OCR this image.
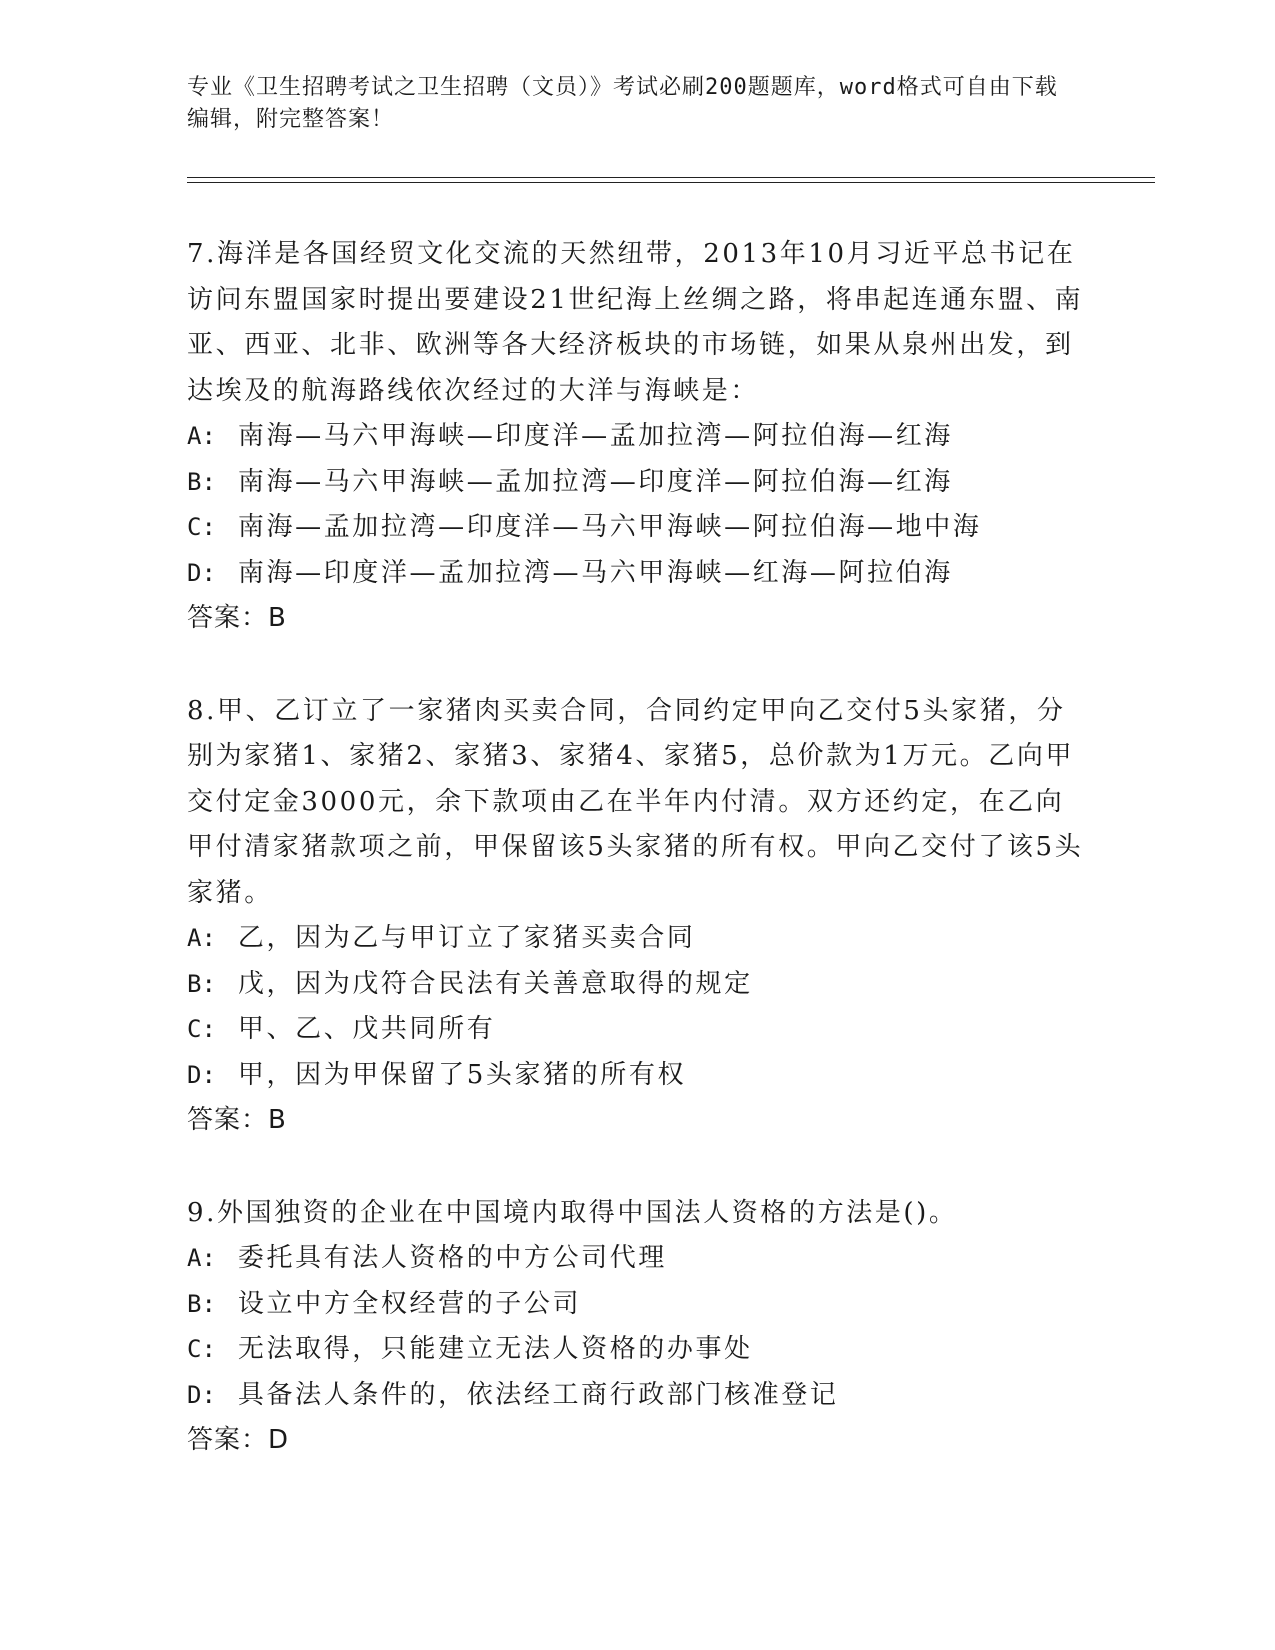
专业《卫生招聘考试之卫生招聘（文员）》考试必刷200题题库，word格式可自由下载编辑，附完整答案！

7.海洋是各国经贸文化交流的天然纽带，2013年10月习近平总书记在访问东盟国家时提出要建设21世纪海上丝绸之路，将串起连通东盟、南亚、西亚、北非、欧洲等各大经济板块的市场链，如果从泉州出发，到达埃及的航海路线依次经过的大洋与海峡是：

A: 南海—马六甲海峡—印度洋—孟加拉湾—阿拉伯海—红海

B: 南海—马六甲海峡—孟加拉湾—印度洋—阿拉伯海—红海

C: 南海—孟加拉湾—印度洋—马六甲海峡—阿拉伯海—地中海

D: 南海—印度洋—孟加拉湾—马六甲海峡—红海—阿拉伯海

答案：B

8.甲、乙订立了一家猪肉买卖合同，合同约定甲向乙交付5头家猪，分别为家猪1、家猪2、家猪3、家猪4、家猪5，总价款为1万元。乙向甲交付定金3000元，余下款项由乙在半年内付清。双方还约定，在乙向甲付清家猪款项之前，甲保留该5头家猪的所有权。甲向乙交付了该5头家猪。

A: 乙，因为乙与甲订立了家猪买卖合同

B: 戊，因为戊符合民法有关善意取得的规定

C: 甲、乙、戊共同所有

D: 甲，因为甲保留了5头家猪的所有权

答案：B

9.外国独资的企业在中国境内取得中国法人资格的方法是()。

A: 委托具有法人资格的中方公司代理

B: 设立中方全权经营的子公司

C: 无法取得，只能建立无法人资格的办事处

D: 具备法人条件的，依法经工商行政部门核准登记

答案：D
